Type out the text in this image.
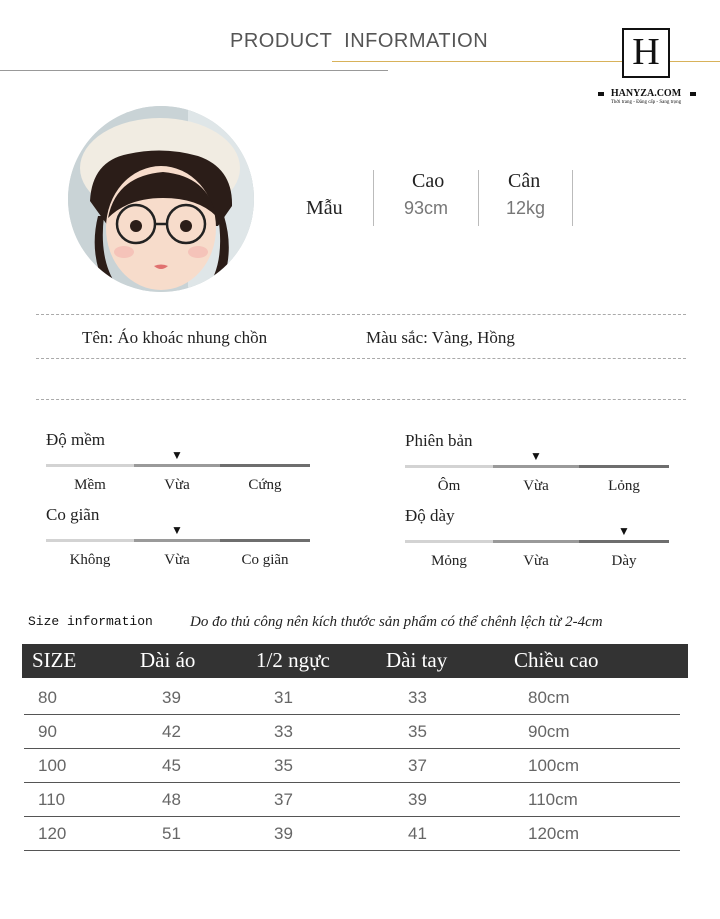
PRODUCT  INFORMATION	H
HANYZA.COM
Thời trang - Đẳng cấp - Sang trọng
Mẫu
Cao
93cm
Cân
12kg
Tên: Áo khoác nhung chồn	Màu sắc: Vàng, Hồng
Độ mềm
Mềm	Vừa	Cứng
▼
Phiên bản
Ôm	Vừa	Lỏng
▼
Co giãn
Không	Vừa	Co giãn
▼
Độ dày
Mỏng	Vừa	Dày
▼
Size information Do đo thủ công nên kích thước sản phẩm có thể chênh lệch từ 2-4cm
SIZE	Dài áo	1/2 ngực	Dài tay	Chiều cao
80	39	31	33	80cm
90	42	33	35	90cm
100	45	35	37	100cm
110	48	37	39	110cm
120	51	39	41	120cm
